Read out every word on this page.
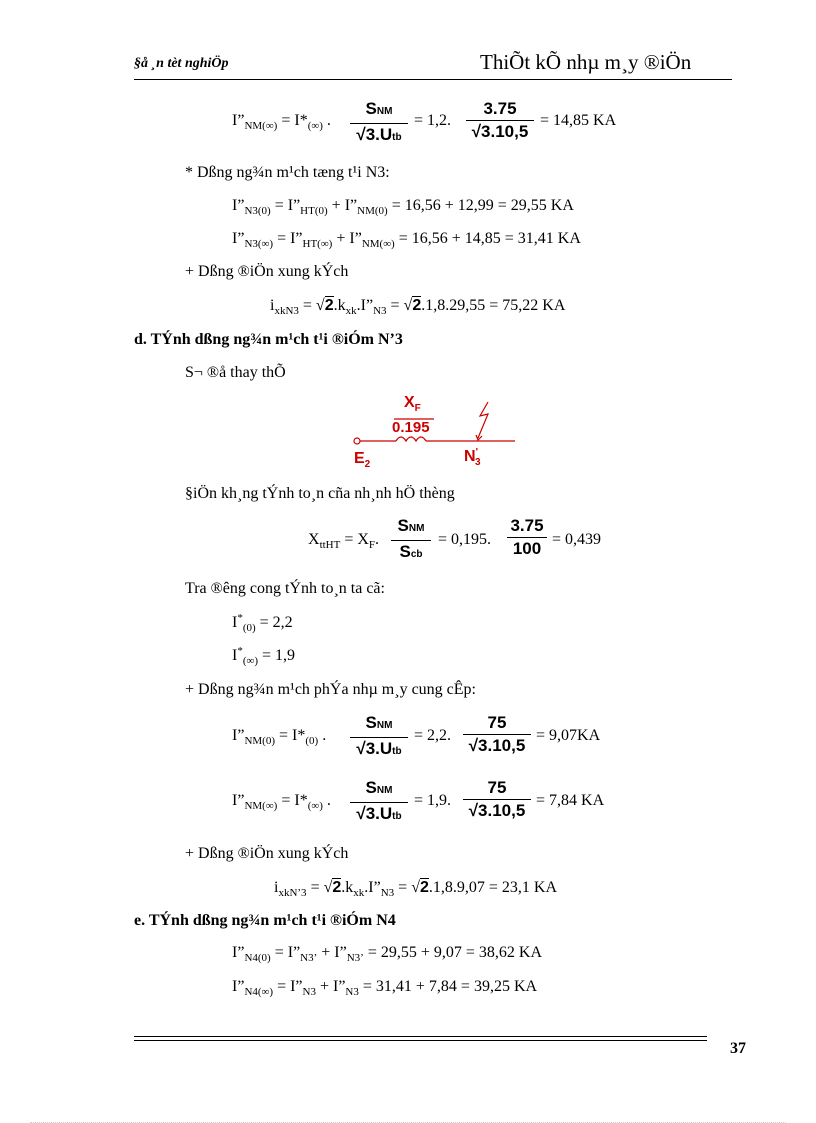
§å ¸n tèt nghiÖp	ThiÕt kÕ nhµ m¸y ®iÖn
$I”_{NM(\infty)} = I*_{(\infty)}$ .
SNM
√3.Utb
= 1,2.
3.75
√3.10,5
= 14,85 KA
* Dßng ng¾n m¹ch tæng t¹i N3:
$I”_{N3(0)}$ = $I”_{HT(0)}$ + $I”_{NM(0)} = 16,56 + 12,99 = 29,55$ KA
$I”_{N3(\infty)}$ = $I”_{HT(\infty)}$ + $I”_{NM(\infty)} = 16,56 + 14,85 = 31,41$ KA
+ Dßng ®iÖn xung kÝch
$i_{xkN3}$ = $√2.k_{xk}.I”_{N3} = √2.1,8.29,55 = 75,22$ KA
d. TÝnh dßng ng¾n m¹ch t¹i ®iÓm N’3
S¬ ®å thay thÕ
$X_F$
0.195
$E_2$	N' 3
§iÖn kh¸ng tÝnh to¸n cña nh¸nh hÖ thèng
$X_{ttHT} = X_F$.
SNM
Scb
= 0,195.
3.75
100 = 0,439
Tra ®êng cong tÝnh to¸n ta cã:
$I^*_{(0)} = 2,2$
$I^*_{(\infty)} = 1,9$
+ Dßng ng¾n m¹ch phÝa nhµ m¸y cung cÊp:
$I”_{NM(0)} = I*_{(0)}$ .
SNM
√3.Utb
= 2,2.
75
√3.10,5
= 9,07KA
$I”_{NM(\infty)} = I*_{(\infty)}$ .
SNM
√3.Utb
= 1,9.
75
√3.10,5
= 7,84 KA
+ Dßng ®iÖn xung kÝch
$i_{xkN’3}$ = $√2.k_{xk}.I”_{N3} = √2.1,8.9,07 = 23,1$ KA
e. TÝnh dßng ng¾n m¹ch t¹i ®iÓm N4
$I”_{N4(0)}$ = $I”_{N3’}$ + $I”_{N3’} = 29,55 + 9,07 = 38,62$ KA
$I”_{N4(\infty)}$ = $I”_{N3}$ + $I”_{N3} = 31,41 + 7,84 = 39,25$ KA
37
